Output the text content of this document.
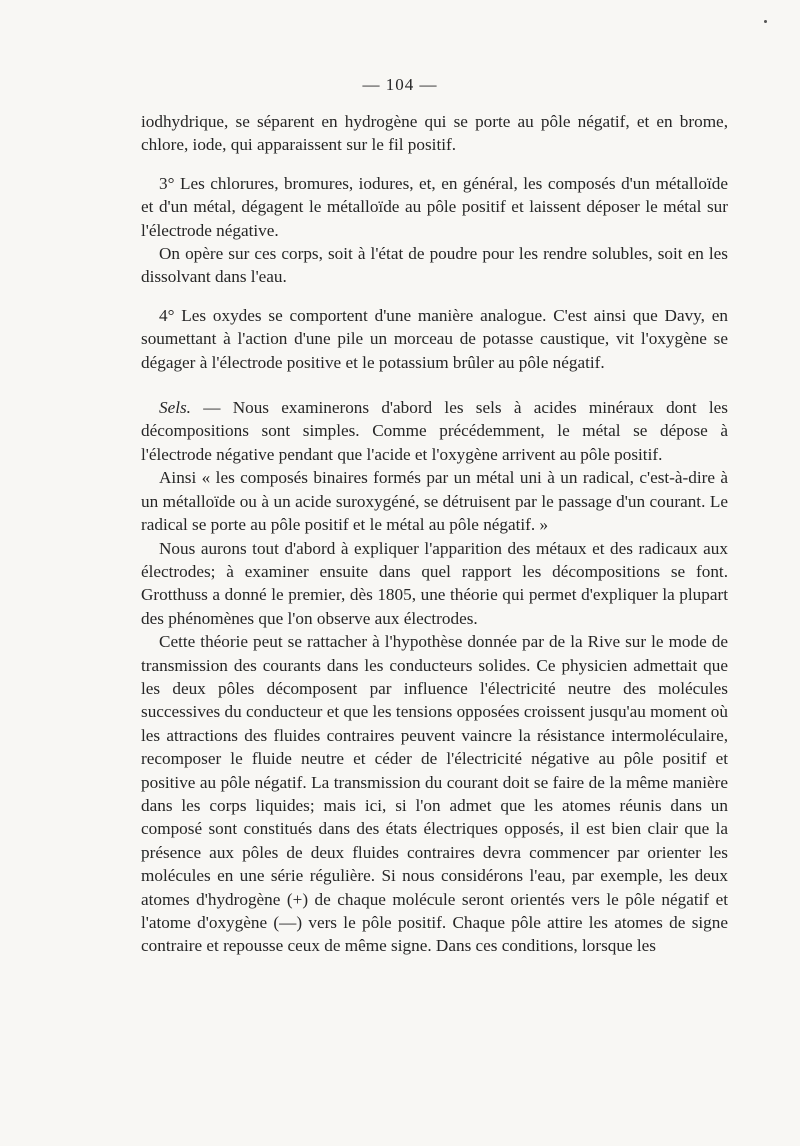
— 104 —

iodhydrique, se séparent en hydrogène qui se porte au pôle négatif, et en brome, chlore, iode, qui apparaissent sur le fil positif.

3° Les chlorures, bromures, iodures, et, en général, les composés d'un métalloïde et d'un métal, dégagent le métalloïde au pôle positif et laissent déposer le métal sur l'électrode négative.

On opère sur ces corps, soit à l'état de poudre pour les rendre solubles, soit en les dissolvant dans l'eau.

4° Les oxydes se comportent d'une manière analogue. C'est ainsi que Davy, en soumettant à l'action d'une pile un morceau de potasse caustique, vit l'oxygène se dégager à l'électrode positive et le potassium brûler au pôle négatif.

Sels. — Nous examinerons d'abord les sels à acides minéraux dont les décompositions sont simples. Comme précédemment, le métal se dépose à l'électrode négative pendant que l'acide et l'oxygène arrivent au pôle positif.

Ainsi « les composés binaires formés par un métal uni à un radical, c'est-à-dire à un métalloïde ou à un acide suroxygéné, se détruisent par le passage d'un courant. Le radical se porte au pôle positif et le métal au pôle négatif. »

Nous aurons tout d'abord à expliquer l'apparition des métaux et des radicaux aux électrodes; à examiner ensuite dans quel rapport les décompositions se font. Grotthuss a donné le premier, dès 1805, une théorie qui permet d'expliquer la plupart des phénomènes que l'on observe aux électrodes.

Cette théorie peut se rattacher à l'hypothèse donnée par de la Rive sur le mode de transmission des courants dans les conducteurs solides. Ce physicien admettait que les deux pôles décomposent par influence l'électricité neutre des molécules successives du conducteur et que les tensions opposées croissent jusqu'au moment où les attractions des fluides contraires peuvent vaincre la résistance intermoléculaire, recomposer le fluide neutre et céder de l'électricité négative au pôle positif et positive au pôle négatif. La transmission du courant doit se faire de la même manière dans les corps liquides; mais ici, si l'on admet que les atomes réunis dans un composé sont constitués dans des états électriques opposés, il est bien clair que la présence aux pôles de deux fluides contraires devra commencer par orienter les molécules en une série régulière. Si nous considérons l'eau, par exemple, les deux atomes d'hydrogène (+) de chaque molécule seront orientés vers le pôle négatif et l'atome d'oxygène (—) vers le pôle positif. Chaque pôle attire les atomes de signe contraire et repousse ceux de même signe. Dans ces conditions, lorsque les
